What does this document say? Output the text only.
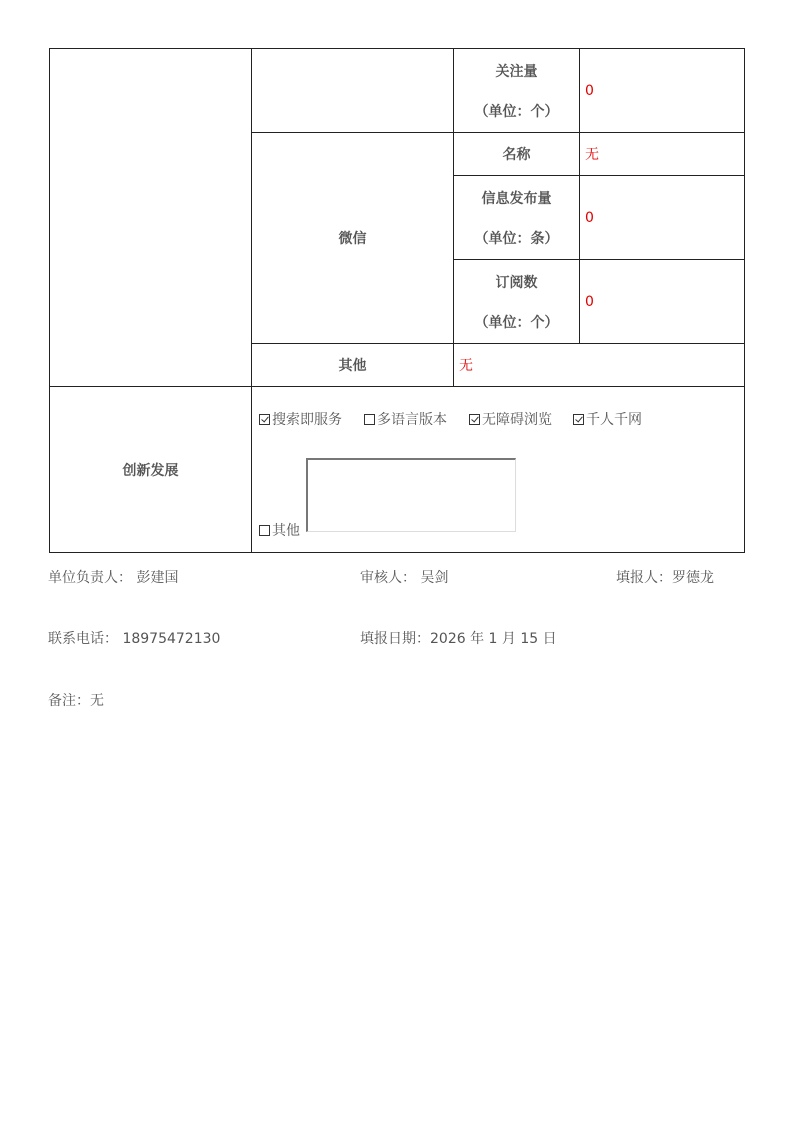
		关注量
（单位：个）	0
	微信	名称	无

		信息发布量
（单位：条）	0

		订阅数
（单位：个）	0
	其他	无	
创新发展	搜索即服务 多语言版本 无障碍浏览 千人千网
其他		
单位负责人： 彭建国	审核人： 吴剑	填报人：罗德龙
联系电话： 18975472130	填报日期：2026 年 1 月 15 日
备注：无
